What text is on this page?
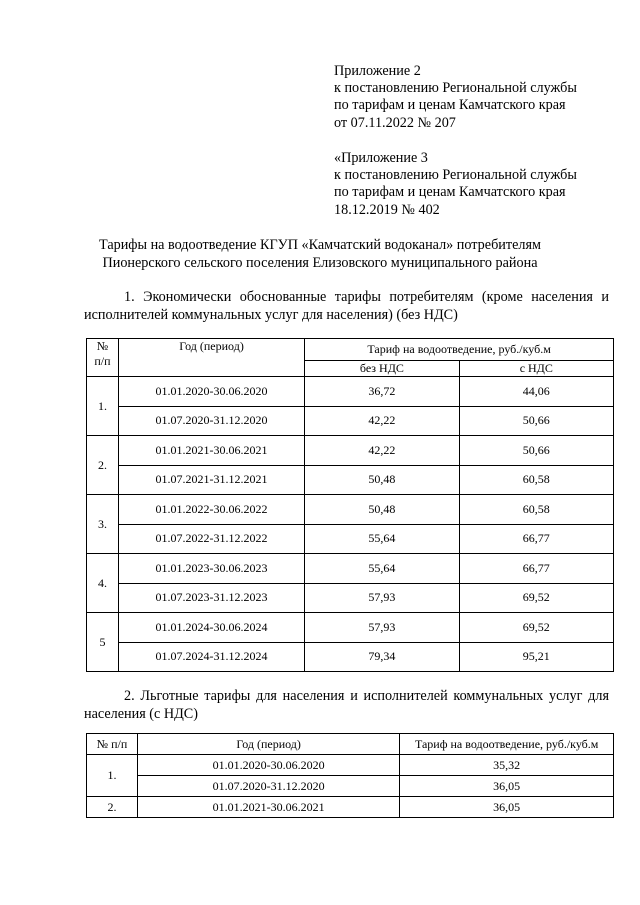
Приложение 2
к постановлению Региональной службы
по тарифам и ценам Камчатского края
от 07.11.2022 № 207
«Приложение 3
к постановлению Региональной службы
по тарифам и ценам Камчатского края
18.12.2019 № 402
Тарифы на водоотведение КГУП «Камчатский водоканал» потребителям
Пионерского сельского поселения Елизовского муниципального района
1. Экономически обоснованные тарифы потребителям (кроме населения и исполнителей коммунальных услуг для населения) (без НДС)
№
п/п	Год (период)	Тариф на водоотведение, руб./куб.м	
		без НДС	с НДС
1.	01.01.2020-30.06.2020	36,72	44,06
	01.07.2020-31.12.2020	42,22	50,66
2.	01.01.2021-30.06.2021	42,22	50,66
	01.07.2021-31.12.2021	50,48	60,58
3.	01.01.2022-30.06.2022	50,48	60,58
	01.07.2022-31.12.2022	55,64	66,77
4.	01.01.2023-30.06.2023	55,64	66,77
	01.07.2023-31.12.2023	57,93	69,52
5	01.01.2024-30.06.2024	57,93	69,52
	01.07.2024-31.12.2024	79,34	95,21
2. Льготные тарифы для населения и исполнителей коммунальных услуг для населения (с НДС)
№ п/п	Год (период)	Тариф на водоотведение, руб./куб.м
1.	01.01.2020-30.06.2020	35,32
	01.07.2020-31.12.2020	36,05
2.	01.01.2021-30.06.2021	36,05
